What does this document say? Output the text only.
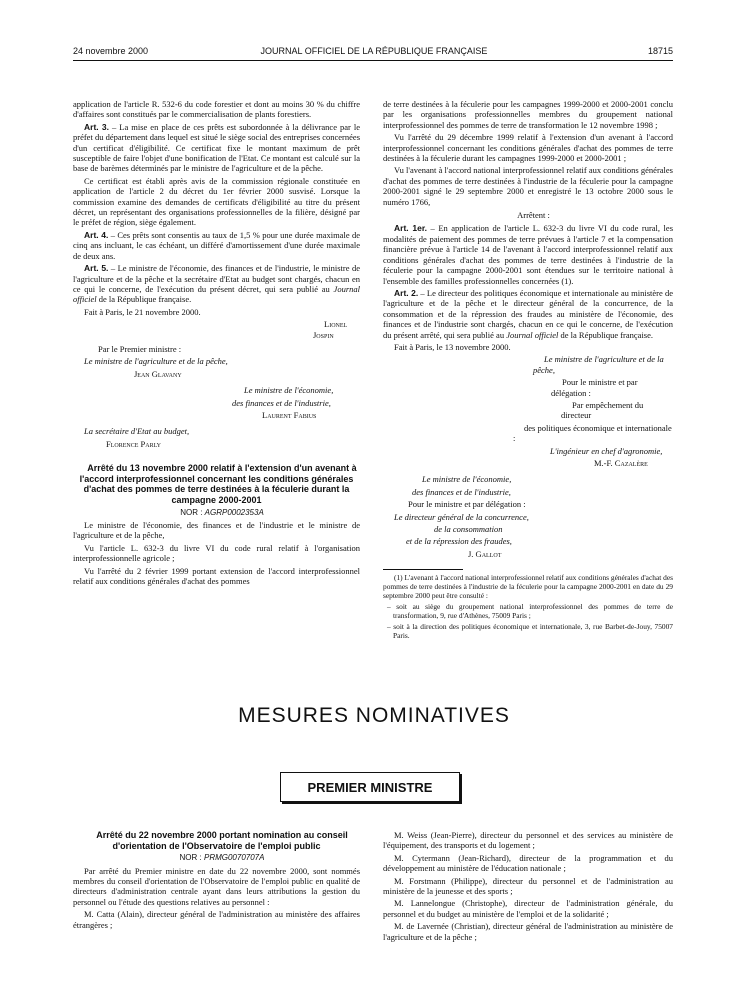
24 novembre 2000	JOURNAL OFFICIEL DE LA RÉPUBLIQUE FRANÇAISE	18715

application de l'article R. 532-6 du code forestier et dont au moins 30 % du chiffre d'affaires sont constitués par le commercialisation de plants forestiers.

Art. 3. – La mise en place de ces prêts est subordonnée à la délivrance par le préfet du département dans lequel est situé le siège social des entreprises concernées d'un certificat d'éligibilité. Ce certificat fixe le montant maximum de prêt susceptible de faire l'objet d'une bonification de l'Etat. Ce montant est calculé sur la base de barèmes déterminés par le ministre de l'agriculture et de la pêche.

Ce certificat est établi après avis de la commission régionale constituée en application de l'article 2 du décret du 1er février 2000 susvisé. Lorsque la commission examine des demandes de certificats d'éligibilité au titre du présent décret, un représentant des organisations professionnelles de la filière, désigné par le préfet de région, siège également.

Art. 4. – Ces prêts sont consentis au taux de 1,5 % pour une durée maximale de cinq ans incluant, le cas échéant, un différé d'amortissement d'une durée maximale de deux ans.

Art. 5. – Le ministre de l'économie, des finances et de l'industrie, le ministre de l'agriculture et de la pêche et la secrétaire d'Etat au budget sont chargés, chacun en ce qui le concerne, de l'exécution du présent décret, qui sera publié au Journal officiel de la République française.

Fait à Paris, le 21 novembre 2000.

Lionel Jospin

Par le Premier ministre :

Le ministre de l'agriculture et de la pêche,

Jean Glavany

Le ministre de l'économie,

des finances et de l'industrie,

Laurent Fabius

La secrétaire d'Etat au budget,

Florence Parly

Arrêté du 13 novembre 2000 relatif à l'extension d'un avenant à l'accord interprofessionnel concernant les conditions générales d'achat des pommes de terre destinées à la féculerie durant la campagne 2000-2001

NOR : AGRP0002353A

Le ministre de l'économie, des finances et de l'industrie et le ministre de l'agriculture et de la pêche,

Vu l'article L. 632-3 du livre VI du code rural relatif à l'organisation interprofessionnelle agricole ;

Vu l'arrêté du 2 février 1999 portant extension de l'accord interprofessionnel relatif aux conditions générales d'achat des pommes

de terre destinées à la féculerie pour les campagnes 1999-2000 et 2000-2001 conclu par les organisations professionnelles membres du groupement national interprofessionnel des pommes de terre de transformation le 12 novembre 1998 ;

Vu l'arrêté du 29 décembre 1999 relatif à l'extension d'un avenant à l'accord interprofessionnel concernant les conditions générales d'achat des pommes de terre destinées à la féculerie durant les campagnes 1999-2000 et 2000-2001 ;

Vu l'avenant à l'accord national interprofessionnel relatif aux conditions générales d'achat des pommes de terre destinées à l'industrie de la féculerie pour la campagne 2000-2001 signé le 29 septembre 2000 et enregistré le 13 octobre 2000 sous le numéro 1766,

Arrêtent :

Art. 1er. – En application de l'article L. 632-3 du livre VI du code rural, les modalités de paiement des pommes de terre prévues à l'article 7 et la compensation financière prévue à l'article 14 de l'avenant à l'accord interprofessionnel relatif aux conditions générales d'achat des pommes de terre destinées à l'industrie de la féculerie pour la campagne 2000-2001 sont étendues sur le territoire national à l'ensemble des familles professionnelles concernées (1).

Art. 2. – Le directeur des politiques économique et internationale au ministère de l'agriculture et de la pêche et le directeur général de la concurrence, de la consommation et de la répression des fraudes au ministère de l'économie, des finances et de l'industrie sont chargés, chacun en ce qui le concerne, de l'exécution du présent arrêté, qui sera publié au Journal officiel de la République française.

Fait à Paris, le 13 novembre 2000.

Le ministre de l'agriculture et de la pêche,

Pour le ministre et par délégation :

Par empêchement du directeur

des politiques économique et internationale :

L'ingénieur en chef d'agronomie,

M.-F. Cazalère

Le ministre de l'économie,

des finances et de l'industrie,

Pour le ministre et par délégation :

Le directeur général de la concurrence,

de la consommation

et de la répression des fraudes,

J. Gallot

(1) L'avenant à l'accord national interprofessionnel relatif aux conditions générales d'achat des pommes de terre destinées à l'industrie de la féculerie pour la campagne 2000-2001 en date du 29 septembre 2000 peut être consulté :

– soit au siège du groupement national interprofessionnel des pommes de terre de transformation, 9, rue d'Athènes, 75009 Paris ;

– soit à la direction des politiques économique et internationale, 3, rue Barbet-de-Jouy, 75007 Paris.

MESURES NOMINATIVES
PREMIER MINISTRE

Arrêté du 22 novembre 2000 portant nomination au conseil d'orientation de l'Observatoire de l'emploi public

NOR : PRMG0070707A

Par arrêté du Premier ministre en date du 22 novembre 2000, sont nommés membres du conseil d'orientation de l'Observatoire de l'emploi public en qualité de directeurs d'administration centrale ayant dans leurs attributions la gestion du personnel ou l'étude des questions relatives au personnel :

M. Catta (Alain), directeur général de l'administration au ministère des affaires étrangères ;

M. Weiss (Jean-Pierre), directeur du personnel et des services au ministère de l'équipement, des transports et du logement ;

M. Cytermann (Jean-Richard), directeur de la programmation et du développement au ministère de l'éducation nationale ;

M. Forstmann (Philippe), directeur du personnel et de l'administration au ministère de la jeunesse et des sports ;

M. Lannelongue (Christophe), directeur de l'administration générale, du personnel et du budget au ministère de l'emploi et de la solidarité ;

M. de Lavernée (Christian), directeur général de l'administration au ministère de l'agriculture et de la pêche ;
